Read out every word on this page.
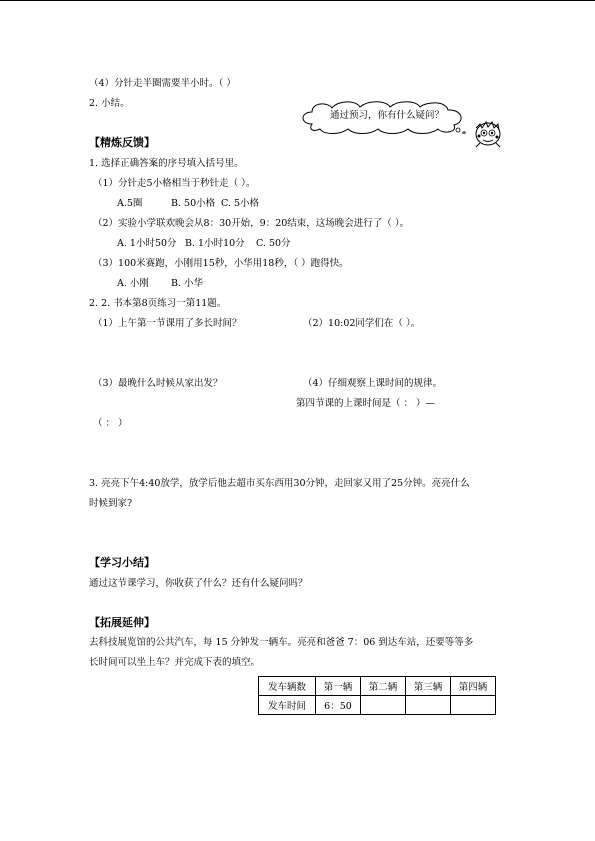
（4）分针走半圈需要半小时。（ ）
2. 小结。
通过预习，你有什么疑问？
【精炼反馈】
1. 选择正确答案的序号填入括号里。
（1）分针走5小格相当于秒针走（ ）。
A.5圈	B. 50小格 C. 5小格
（2）实验小学联欢晚会从8：30开始，9：20结束，这场晚会进行了（ ）。
A. 1小时50分 B. 1小时10分 C. 50分
（3）100米赛跑，小刚用15秒，小华用18秒，（ ）跑得快。
A. 小刚 B. 小华
2. 2. 书本第8页练习一第11题。
（1）上午第一节课用了多长时间？	（2）10:02同学们在（ ）。
（3）最晚什么时候从家出发？	（4）仔细观察上课时间的规律。
第四节课的上课时间是（ ： ）—
（ ： ）
3. 亮亮下午4:40放学，放学后他去超市买东西用30分钟，走回家又用了25分钟。亮亮什么
时候到家?
【学习小结】
通过这节课学习，你收获了什么？还有什么疑问吗？
【拓展延伸】
去科技展览馆的公共汽车，每 15 分钟发一辆车。亮亮和爸爸 7：06 到达车站，还要等等多
长时间可以坐上车？并完成下表的填空。
发车辆数	第一辆	第二辆	第三辆	第四辆
发车时间	6：50			
